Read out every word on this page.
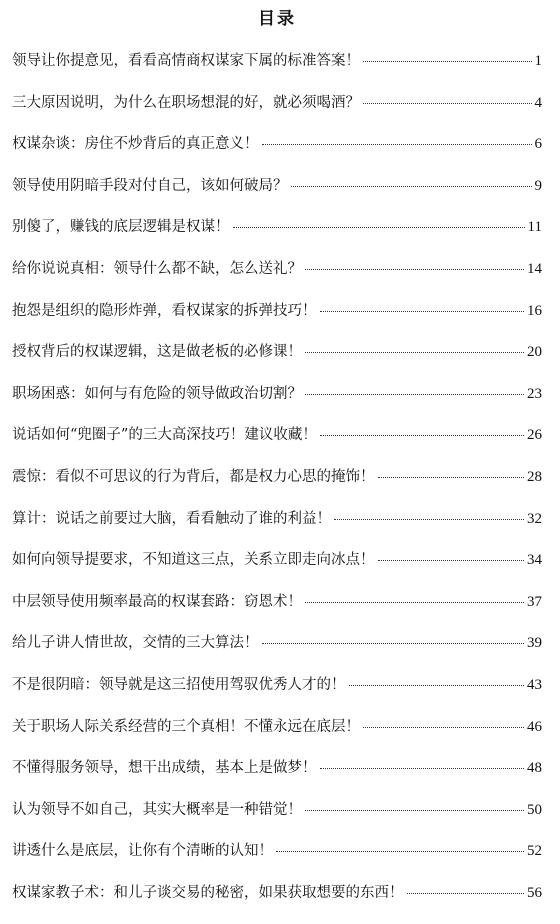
目录
领导让你提意见，看看高情商权谋家下属的标准答案！	1
三大原因说明，为什么在职场想混的好，就必须喝酒？	4
权谋杂谈：房住不炒背后的真正意义！	6
领导使用阴暗手段对付自己，该如何破局？	9
别傻了，赚钱的底层逻辑是权谋！	11
给你说说真相：领导什么都不缺，怎么送礼？	14
抱怨是组织的隐形炸弹，看权谋家的拆弹技巧！	16
授权背后的权谋逻辑，这是做老板的必修课！	20
职场困惑：如何与有危险的领导做政治切割？	23
说话如何“兜圈子”的三大高深技巧！建议收藏！	26
震惊：看似不可思议的行为背后，都是权力心思的掩饰！	28
算计：说话之前要过大脑，看看触动了谁的利益！	32
如何向领导提要求，不知道这三点，关系立即走向冰点！	34
中层领导使用频率最高的权谋套路：窃恩术！	37
给儿子讲人情世故，交情的三大算法！	39
不是很阴暗：领导就是这三招使用驾驭优秀人才的！	43
关于职场人际关系经营的三个真相！不懂永远在底层！	46
不懂得服务领导，想干出成绩，基本上是做梦！	48
认为领导不如自己，其实大概率是一种错觉！	50
讲透什么是底层，让你有个清晰的认知！	52
权谋家教子术：和儿子谈交易的秘密，如果获取想要的东西！	56
